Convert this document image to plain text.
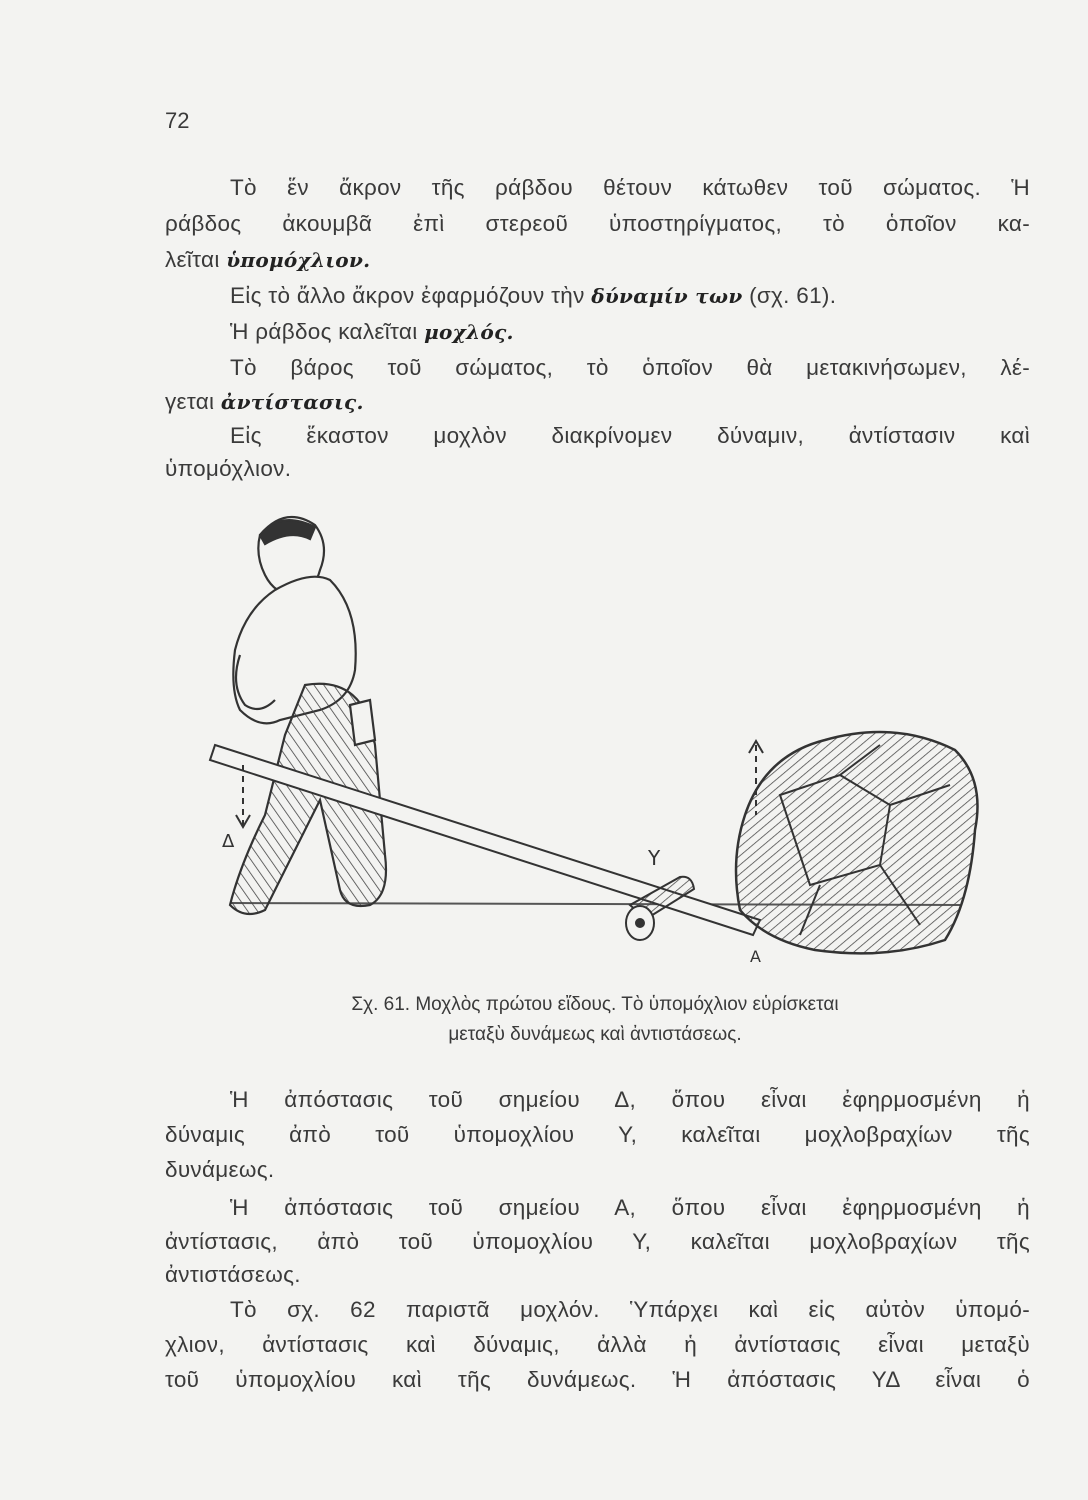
72
Τὸ ἕν ἄκρον τῆς ράβδου θέτουν κάτωθεν τοῦ σώματος. Ἡ
ράβδος ἀκουμβᾶ ἐπὶ στερεοῦ ὑποστηρίγματος, τὸ ὁποῖον κα-
λεῖται ὑπομόχλιον.
Εἰς τὸ ἄλλο ἄκρον ἐφαρμόζουν τὴν δύναμίν των (σχ. 61).
Ἡ ράβδος καλεῖται μοχλός.
Τὸ βάρος τοῦ σώματος, τὸ ὁποῖον θὰ μετακινήσωμεν, λέ-
γεται ἀντίστασις.
Εἰς ἕκαστον μοχλὸν διακρίνομεν δύναμιν, ἀντίστασιν καὶ
ὑπομόχλιον.
Δ
Υ
Α
Σχ. 61. Μοχλὸς πρώτου εἴδους. Τὸ ὑπομόχλιον εὑρίσκεται
μεταξὺ δυνάμεως καὶ ἀντιστάσεως.
Ἡ ἀπόστασις τοῦ σημείου Δ, ὅπου εἶναι ἐφηρμοσμένη ἡ
δύναμις ἀπὸ τοῦ ὑπομοχλίου Υ, καλεῖται μοχλοβραχίων τῆς
δυνάμεως.
Ἡ ἀπόστασις τοῦ σημείου Α, ὅπου εἶναι ἐφηρμοσμένη ἡ
ἀντίστασις, ἀπὸ τοῦ ὑπομοχλίου Υ, καλεῖται μοχλοβραχίων τῆς
ἀντιστάσεως.
Τὸ σχ. 62 παριστᾶ μοχλόν. Ὑπάρχει καὶ εἰς αὐτὸν ὑπομό-
χλιον, ἀντίστασις καὶ δύναμις, ἀλλὰ ἡ ἀντίστασις εἶναι μεταξὺ
τοῦ ὑπομοχλίου καὶ τῆς δυνάμεως. Ἡ ἀπόστασις ΥΔ εἶναι ὁ
